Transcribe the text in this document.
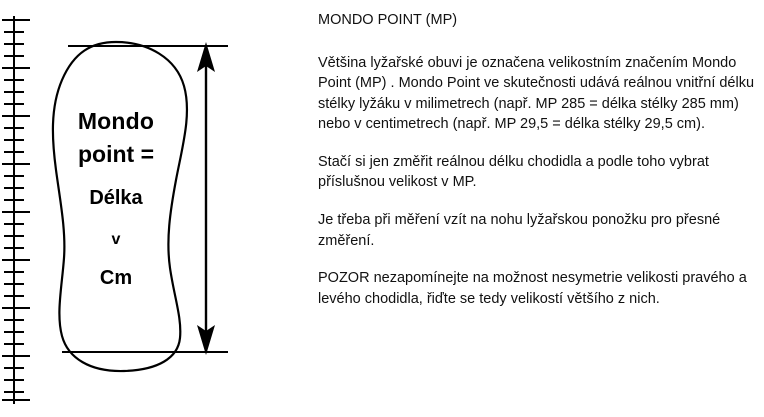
Mondo
point =
Délka
v
Cm

MONDO POINT (MP)

Většina lyžařské obuvi je označena velikostním značením Mondo Point (MP) . Mondo Point ve skutečnosti udává reálnou vnitřní délku stélky lyžáku v milimetrech (např. MP 285 = délka stélky 285 mm) nebo v centimetrech (např. MP 29,5 = délka stélky 29,5 cm).

Stačí si jen změřit reálnou délku chodidla a podle toho vybrat příslušnou velikost v MP.

Je třeba při měření vzít na nohu lyžařskou ponožku pro přesné změření.

POZOR nezapomínejte na možnost nesymetrie velikosti pravého a levého chodidla, řiďte se tedy velikostí většího z nich.
